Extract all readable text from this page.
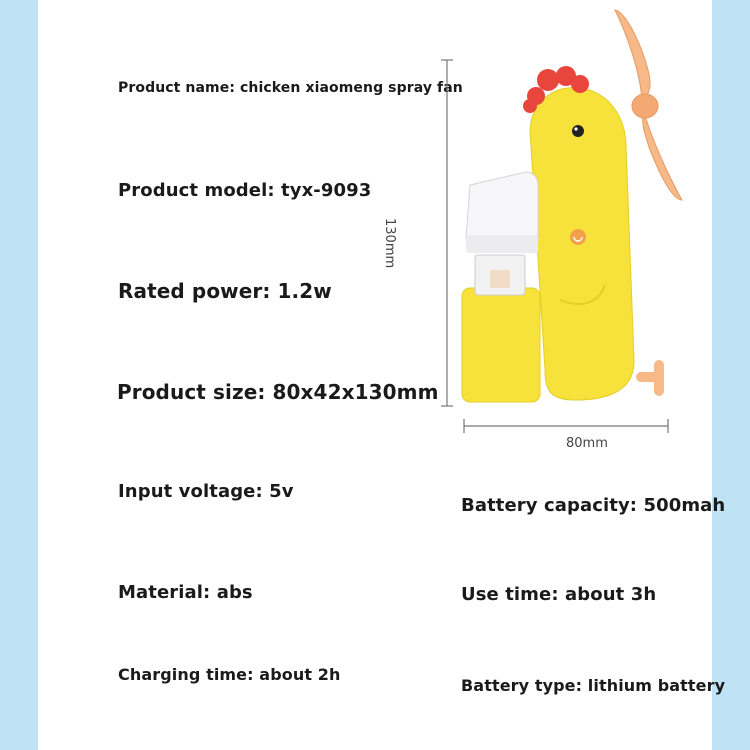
Product name: chicken xiaomeng spray fan
Product model: tyx-9093
Rated power: 1.2w
Product size: 80x42x130mm
Input voltage: 5v
Material: abs
Charging time: about 2h
Battery capacity: 500mah
Use time: about 3h
Battery type: lithium battery
130mm
80mm
